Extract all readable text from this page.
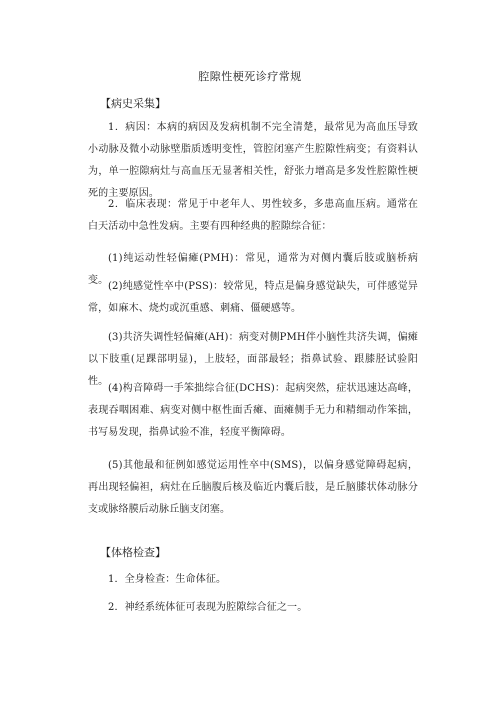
腔隙性梗死诊疗常规
【病史采集】
1．病因：本病的病因及发病机制不完全清楚，最常见为高血压导致小动脉及微小动脉壁脂质透明变性，管腔闭塞产生腔隙性病变；有资料认为，单一腔隙病灶与高血压无显著相关性，舒张力增高是多发性腔隙性梗死的主要原因。
2．临床表现：常见于中老年人、男性较多，多患高血压病。通常在白天活动中急性发病。主要有四种经典的腔隙综合征：
(1)纯运动性轻偏瘫(PMH)：常见，通常为对侧内囊后肢或脑桥病变。
(2)纯感觉性卒中(PSS)：较常见，特点是偏身感觉缺失，可伴感觉异常，如麻木、烧灼或沉重感、刺痛、僵硬感等。
(3)共济失调性轻偏瘫(AH)：病变对侧PMH伴小脑性共济失调，偏瘫以下肢重(足踝部明显)，上肢轻，面部最轻；指鼻试验、跟膝胫试验阳性。
(4)构音障碍一手笨拙综合征(DCHS)：起病突然，症状迅速达高峰，表现吞咽困难、病变对侧中枢性面舌瘫、面瘫侧手无力和精细动作笨拙，书写易发现，指鼻试验不准，轻度平衡障碍。
(5)其他最和征例如感觉运用性卒中(SMS)，以偏身感觉障碍起病，再出现轻偏袒，病灶在丘脑腹后核及临近内囊后肢，是丘脑膝状体动脉分支或脉络膜后动脉丘脑支闭塞。
【体格检查】
1．全身检查：生命体征。
2．神经系统体征可表现为腔隙综合征之一。
